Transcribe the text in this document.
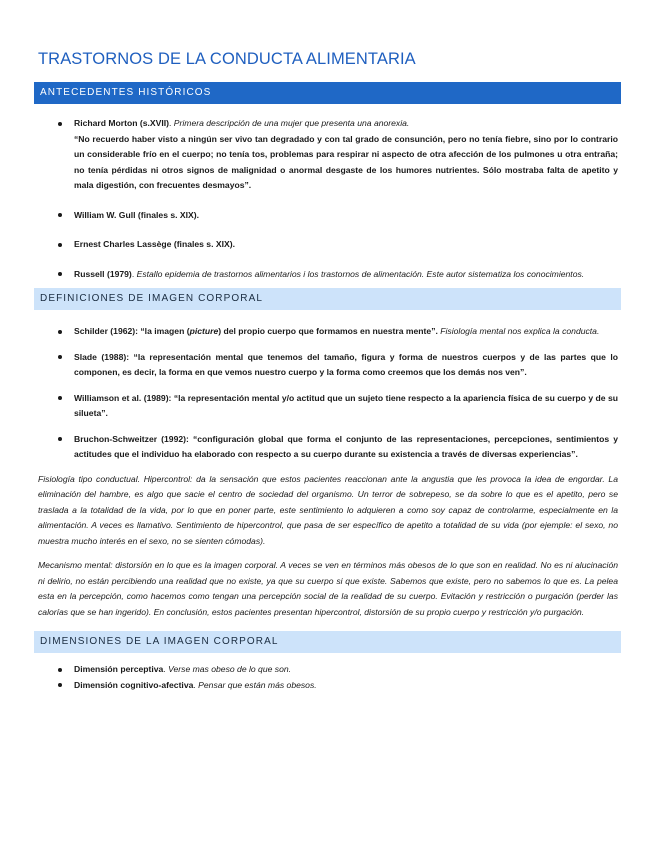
TRASTORNOS DE LA CONDUCTA ALIMENTARIA
ANTECEDENTES HISTÓRICOS
Richard Morton (s.XVII). Primera descripción de una mujer que presenta una anorexia.
“No recuerdo haber visto a ningún ser vivo tan degradado y con tal grado de consunción, pero no tenía fiebre, sino por lo contrario un considerable frío en el cuerpo; no tenía tos, problemas para respirar ni aspecto de otra afección de los pulmones u otra entraña; no tenía pérdidas ni otros signos de malignidad o anormal desgaste de los humores nutrientes. Sólo mostraba falta de apetito y mala digestión, con frecuentes desmayos”.
William W. Gull (finales s. XIX).
Ernest Charles Lassège (finales s. XIX).
Russell (1979). Estallo epidemia de trastornos alimentarios i los trastornos de alimentación. Este autor sistematiza los conocimientos.
DEFINICIONES DE IMAGEN CORPORAL
Schilder (1962): “la imagen (picture) del propio cuerpo que formamos en nuestra mente”. Fisiología mental nos explica la conducta.
Slade (1988): “la representación mental que tenemos del tamaño, figura y forma de nuestros cuerpos y de las partes que lo componen, es decir, la forma en que vemos nuestro cuerpo y la forma como creemos que los demás nos ven”.
Williamson et al. (1989): “la representación mental y/o actitud que un sujeto tiene respecto a la apariencia física de su cuerpo y de su silueta”.
Bruchon-Schweitzer (1992): “configuración global que forma el conjunto de las representaciones, percepciones, sentimientos y actitudes que el individuo ha elaborado con respecto a su cuerpo durante su existencia a través de diversas experiencias”.

Fisiología tipo conductual. Hipercontrol: da la sensación que estos pacientes reaccionan ante la angustia que les provoca la idea de engordar. La eliminación del hambre, es algo que sacie el centro de sociedad del organismo. Un terror de sobrepeso, se da sobre lo que es el apetito, pero se traslada a la totalidad de la vida, por lo que en poner parte, este sentimiento lo adquieren a como soy capaz de controlarme, especialmente en la alimentación. A veces es llamativo. Sentimiento de hipercontrol, que pasa de ser específico de apetito a totalidad de su vida (por ejemple: el sexo, no muestra mucho interés en el sexo, no se sienten cómodas).

Mecanismo mental: distorsión en lo que es la imagen corporal. A veces se ven en términos más obesos de lo que son en realidad. No es ni alucinación ni delirio, no están percibiendo una realidad que no existe, ya que su cuerpo si que existe. Sabemos que existe, pero no sabemos lo que es. La pelea esta en la percepción, como hacemos como tengan una percepción social de la realidad de su cuerpo. Evitación y restricción o purgación (perder las calorías que se han ingerido). En conclusión, estos pacientes presentan hipercontrol, distorsión de su propio cuerpo y restricción y/o purgación.

DIMENSIONES DE LA IMAGEN CORPORAL
Dimensión perceptiva. Verse mas obeso de lo que son.
Dimensión cognitivo-afectiva. Pensar que están más obesos.
